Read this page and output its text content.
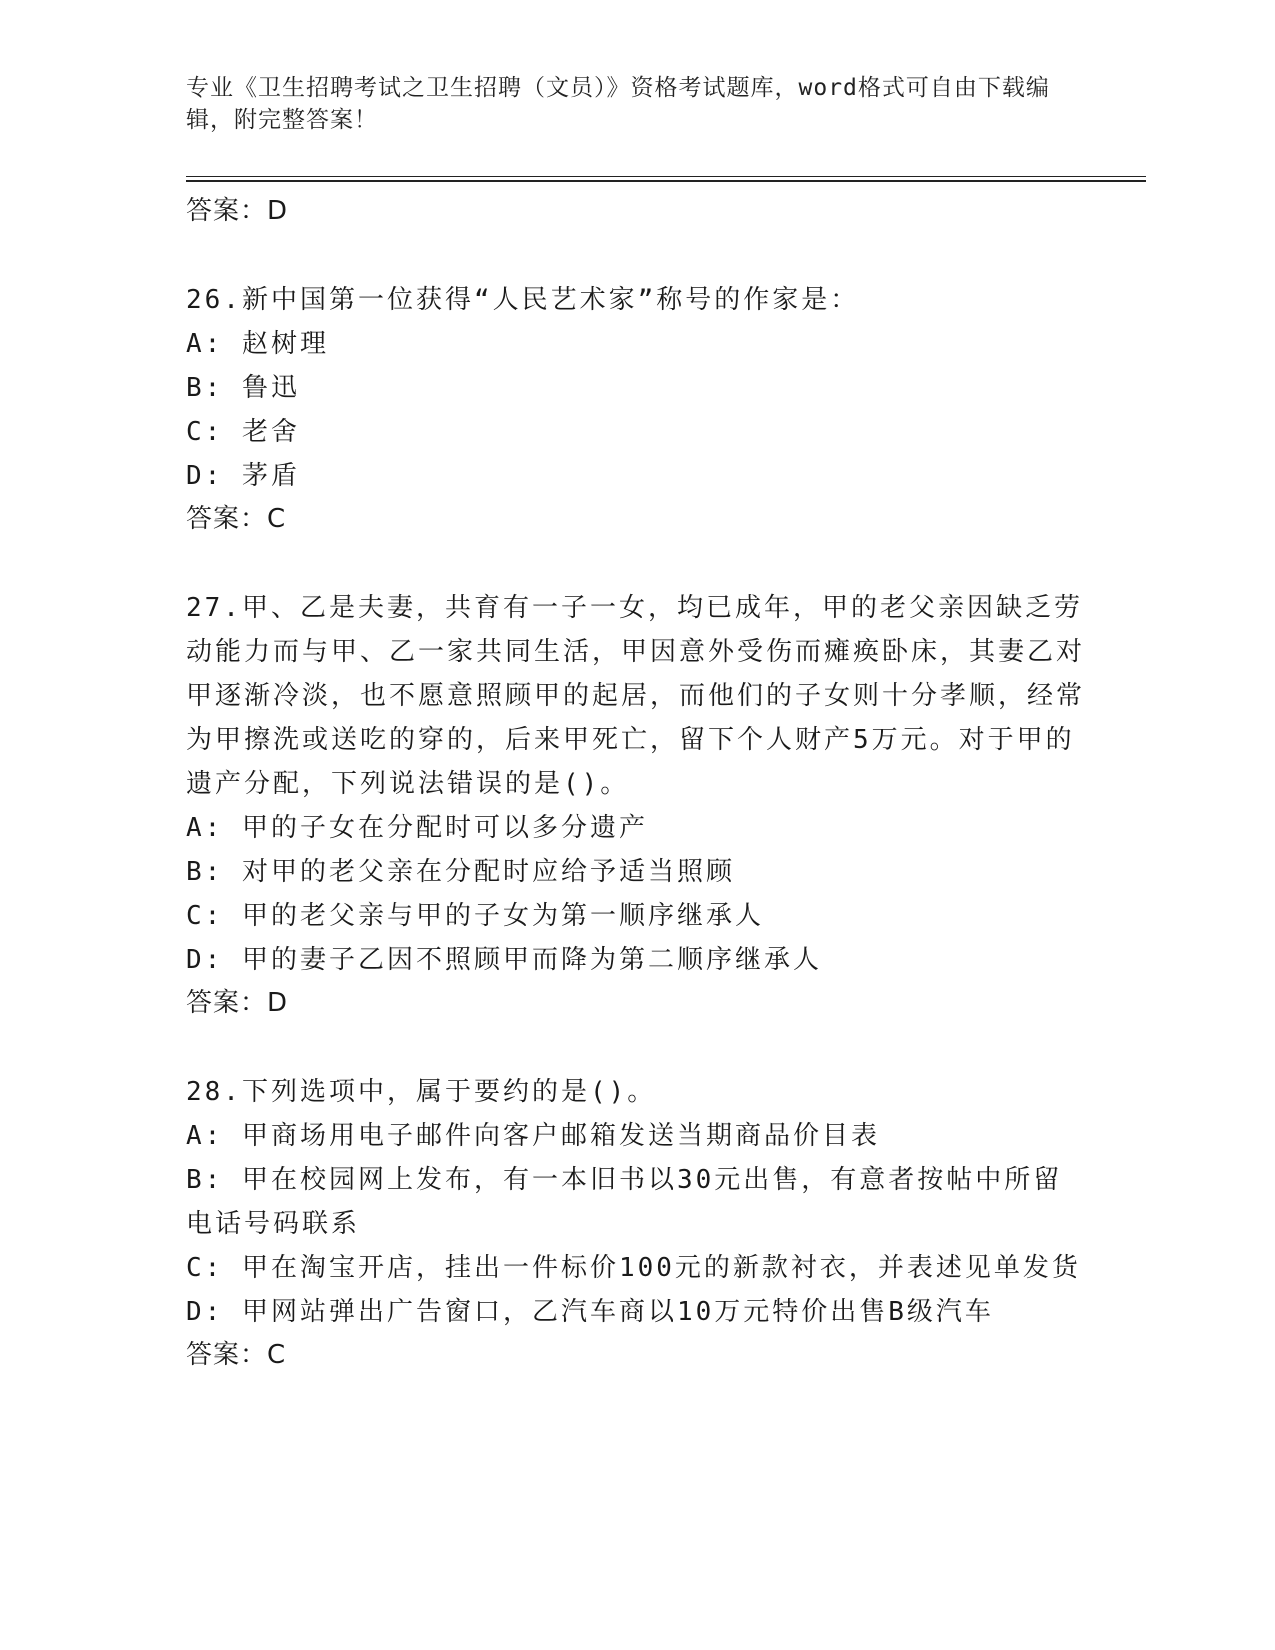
专业《卫生招聘考试之卫生招聘（文员）》资格考试题库，word格式可自由下载编辑，附完整答案！
答案：D
26.新中国第一位获得“人民艺术家”称号的作家是：
A: 赵树理
B: 鲁迅
C: 老舍
D: 茅盾
答案：C
27.甲、乙是夫妻，共育有一子一女，均已成年，甲的老父亲因缺乏劳动能力而与甲、乙一家共同生活，甲因意外受伤而瘫痪卧床，其妻乙对甲逐渐冷淡，也不愿意照顾甲的起居，而他们的子女则十分孝顺，经常为甲擦洗或送吃的穿的，后来甲死亡，留下个人财产5万元。对于甲的遗产分配，下列说法错误的是()。
A: 甲的子女在分配时可以多分遗产
B: 对甲的老父亲在分配时应给予适当照顾
C: 甲的老父亲与甲的子女为第一顺序继承人
D: 甲的妻子乙因不照顾甲而降为第二顺序继承人
答案：D
28.下列选项中，属于要约的是()。
A: 甲商场用电子邮件向客户邮箱发送当期商品价目表
B: 甲在校园网上发布，有一本旧书以30元出售，有意者按帖中所留电话号码联系
C: 甲在淘宝开店，挂出一件标价100元的新款衬衣，并表述见单发货
D: 甲网站弹出广告窗口，乙汽车商以10万元特价出售B级汽车
答案：C
